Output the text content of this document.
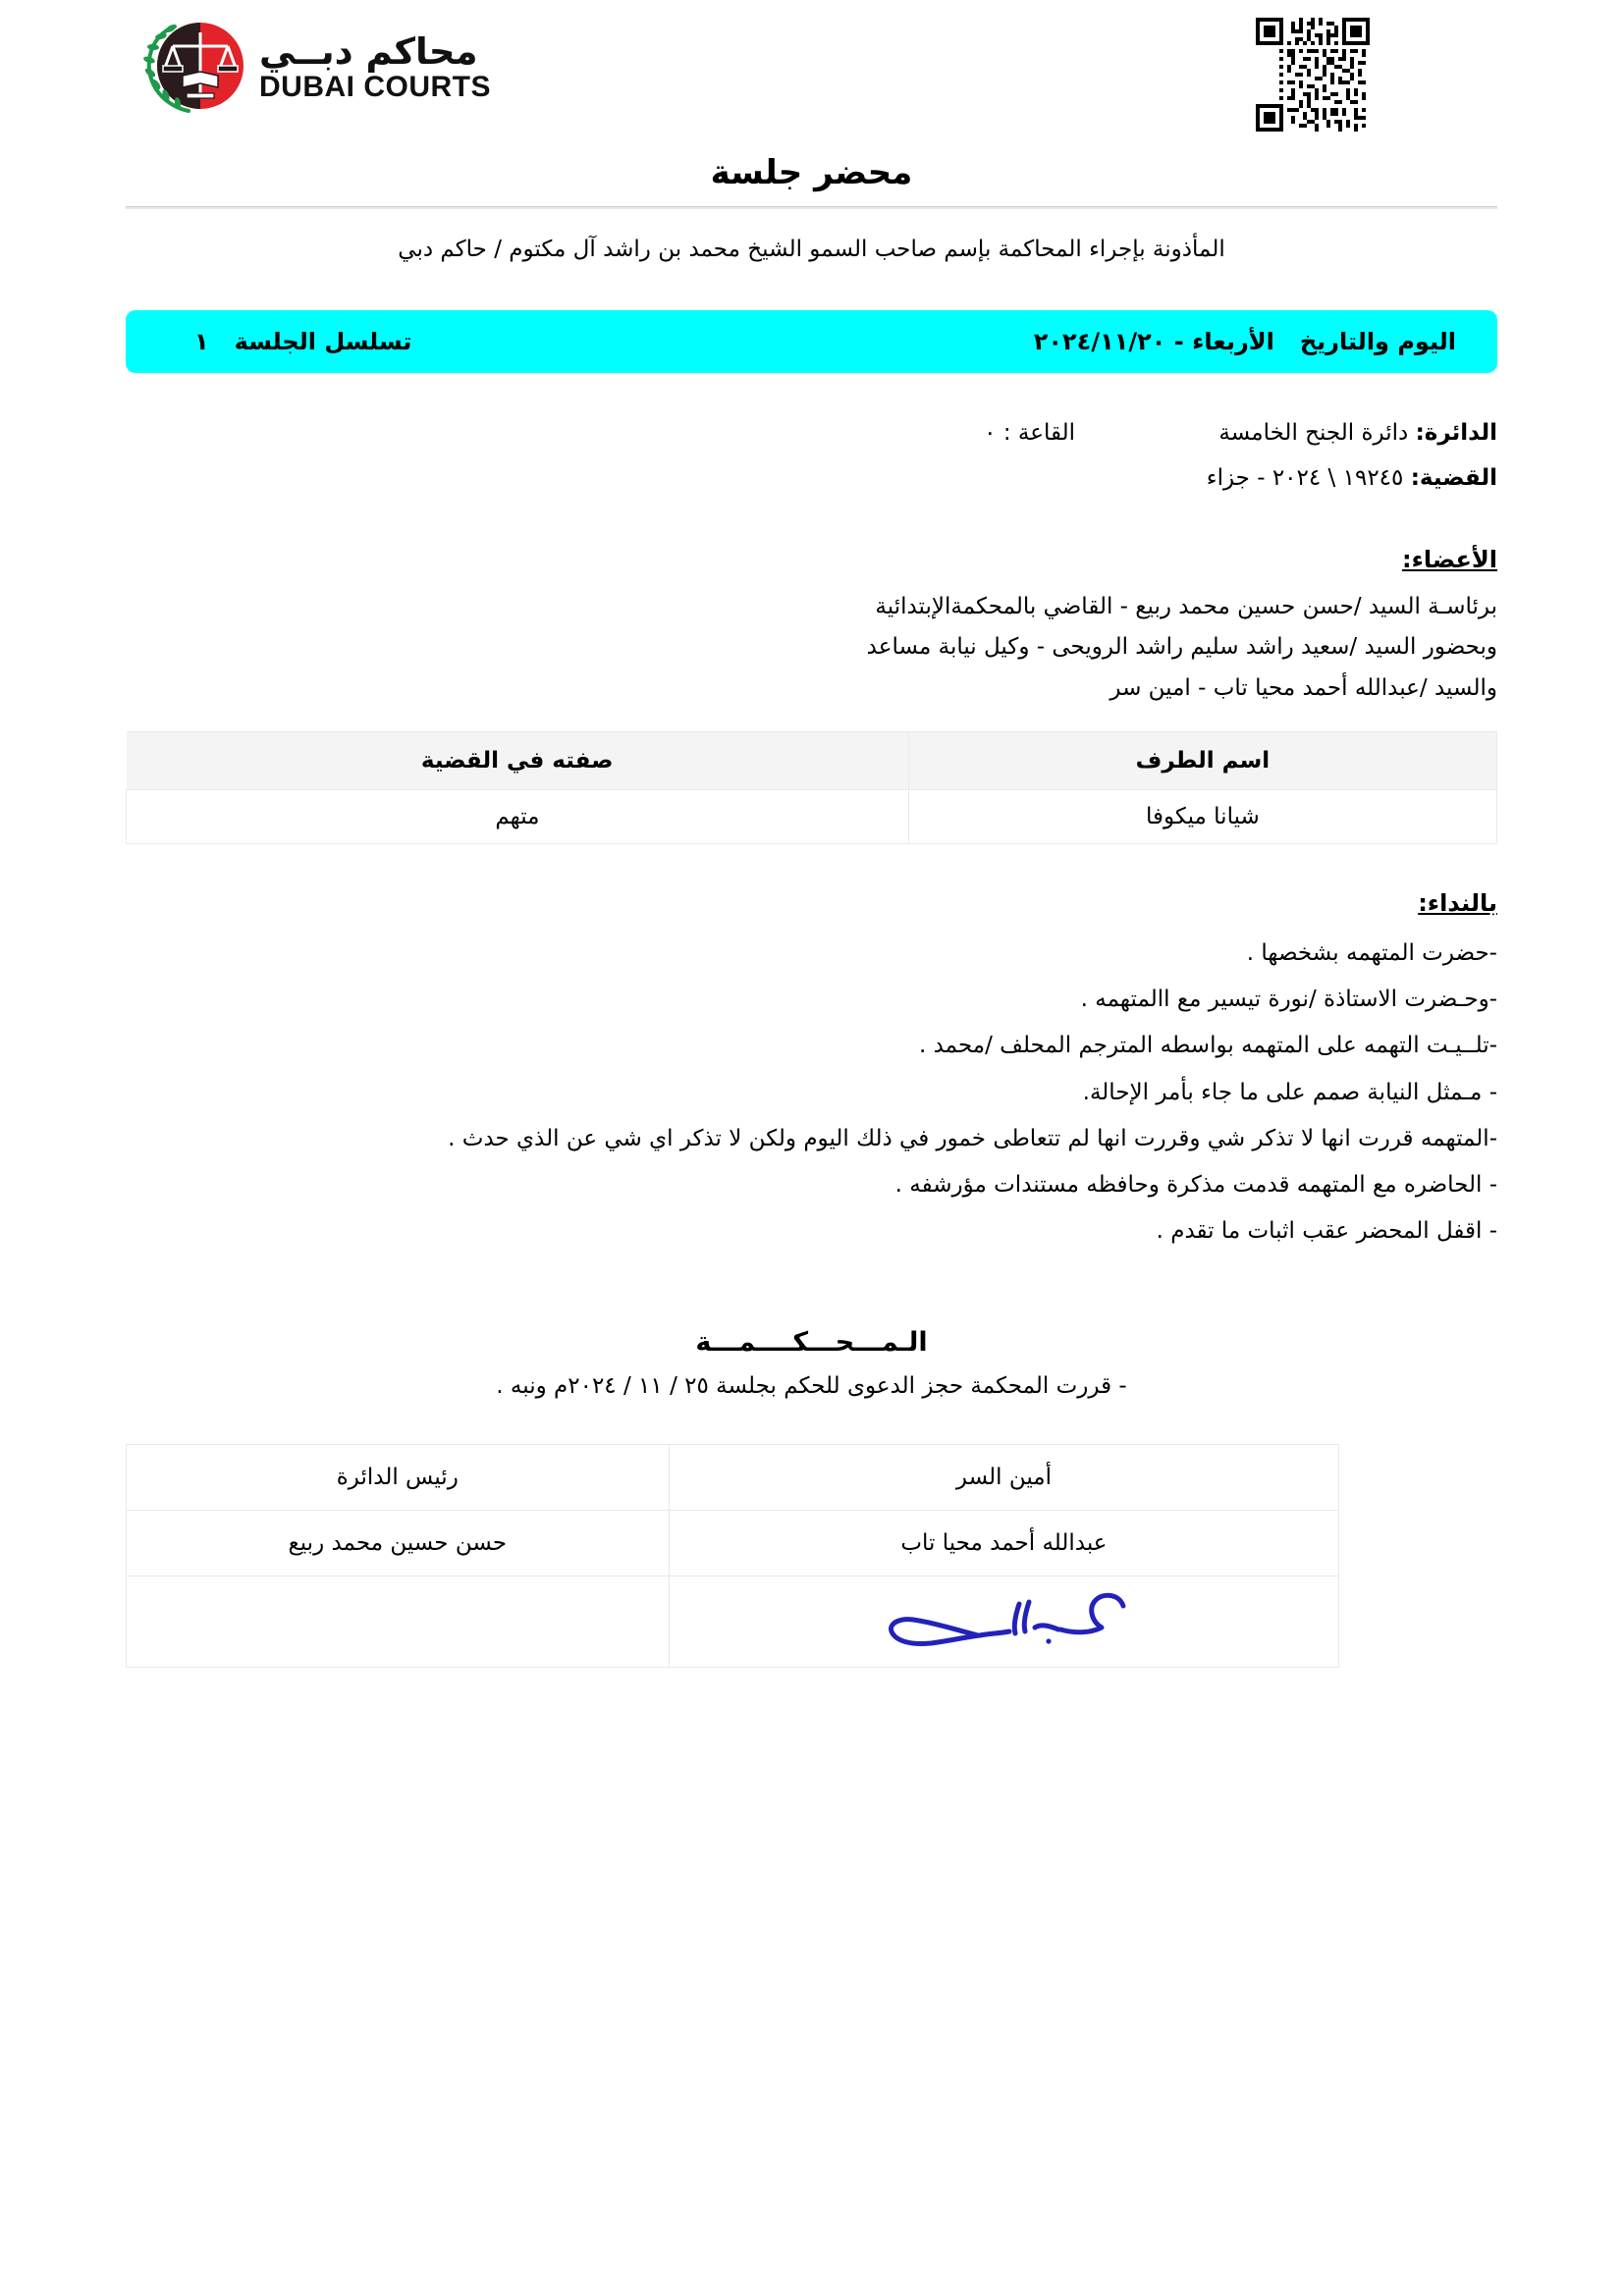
محاكم دبــي
DUBAI COURTS
محضر جلسة
المأذونة بإجراء المحاكمة بإسم صاحب السمو الشيخ محمد بن راشد آل مكتوم / حاكم دبي
اليوم والتاريخ
الأربعاء - ٢٠٢٤/١١/٢٠
تسلسل الجلسة
١
الدائرة: دائرة الجنح الخامسة
القاعة : ٠
القضية: ١٩٢٤٥ \ ٢٠٢٤ - جزاء
الأعضاء:
برئاسـة السيد /حسن حسين محمد ربيع - القاضي بالمحكمةالإبتدائية
وبحضور السيد /سعيد راشد سليم راشد الرويحى - وكيل نيابة مساعد
والسيد /عبدالله أحمد محيا تاب - امين سر
اسم الطرف	صفته في القضية
شيانا ميكوفا	متهم
بالنداء:
-حضرت المتهمه بشخصها .
-وحـضرت الاستاذة /نورة تيسير مع االمتهمه .
-تلــيـت التهمه على المتهمه بواسطه المترجم المحلف /محمد .
- مـمثل النيابة صمم على ما جاء بأمر الإحالة.
-المتهمه قررت انها لا تذكر شي وقررت انها لم تتعاطى خمور في ذلك اليوم ولكن لا تذكر اي شي عن الذي حدث .
- الحاضره مع المتهمه قدمت مذكرة وحافظه مستندات مؤرشفه .
- اقفل المحضر عقب اثبات ما تقدم .
الـمـــحـــكــــمـــة
- قررت المحكمة حجز الدعوى للحكم بجلسة ٢٥ / ١١ / ٢٠٢٤م ونبه .
أمين السر	رئيس الدائرة
عبدالله أحمد محيا تاب	حسن حسين محمد ربيع
